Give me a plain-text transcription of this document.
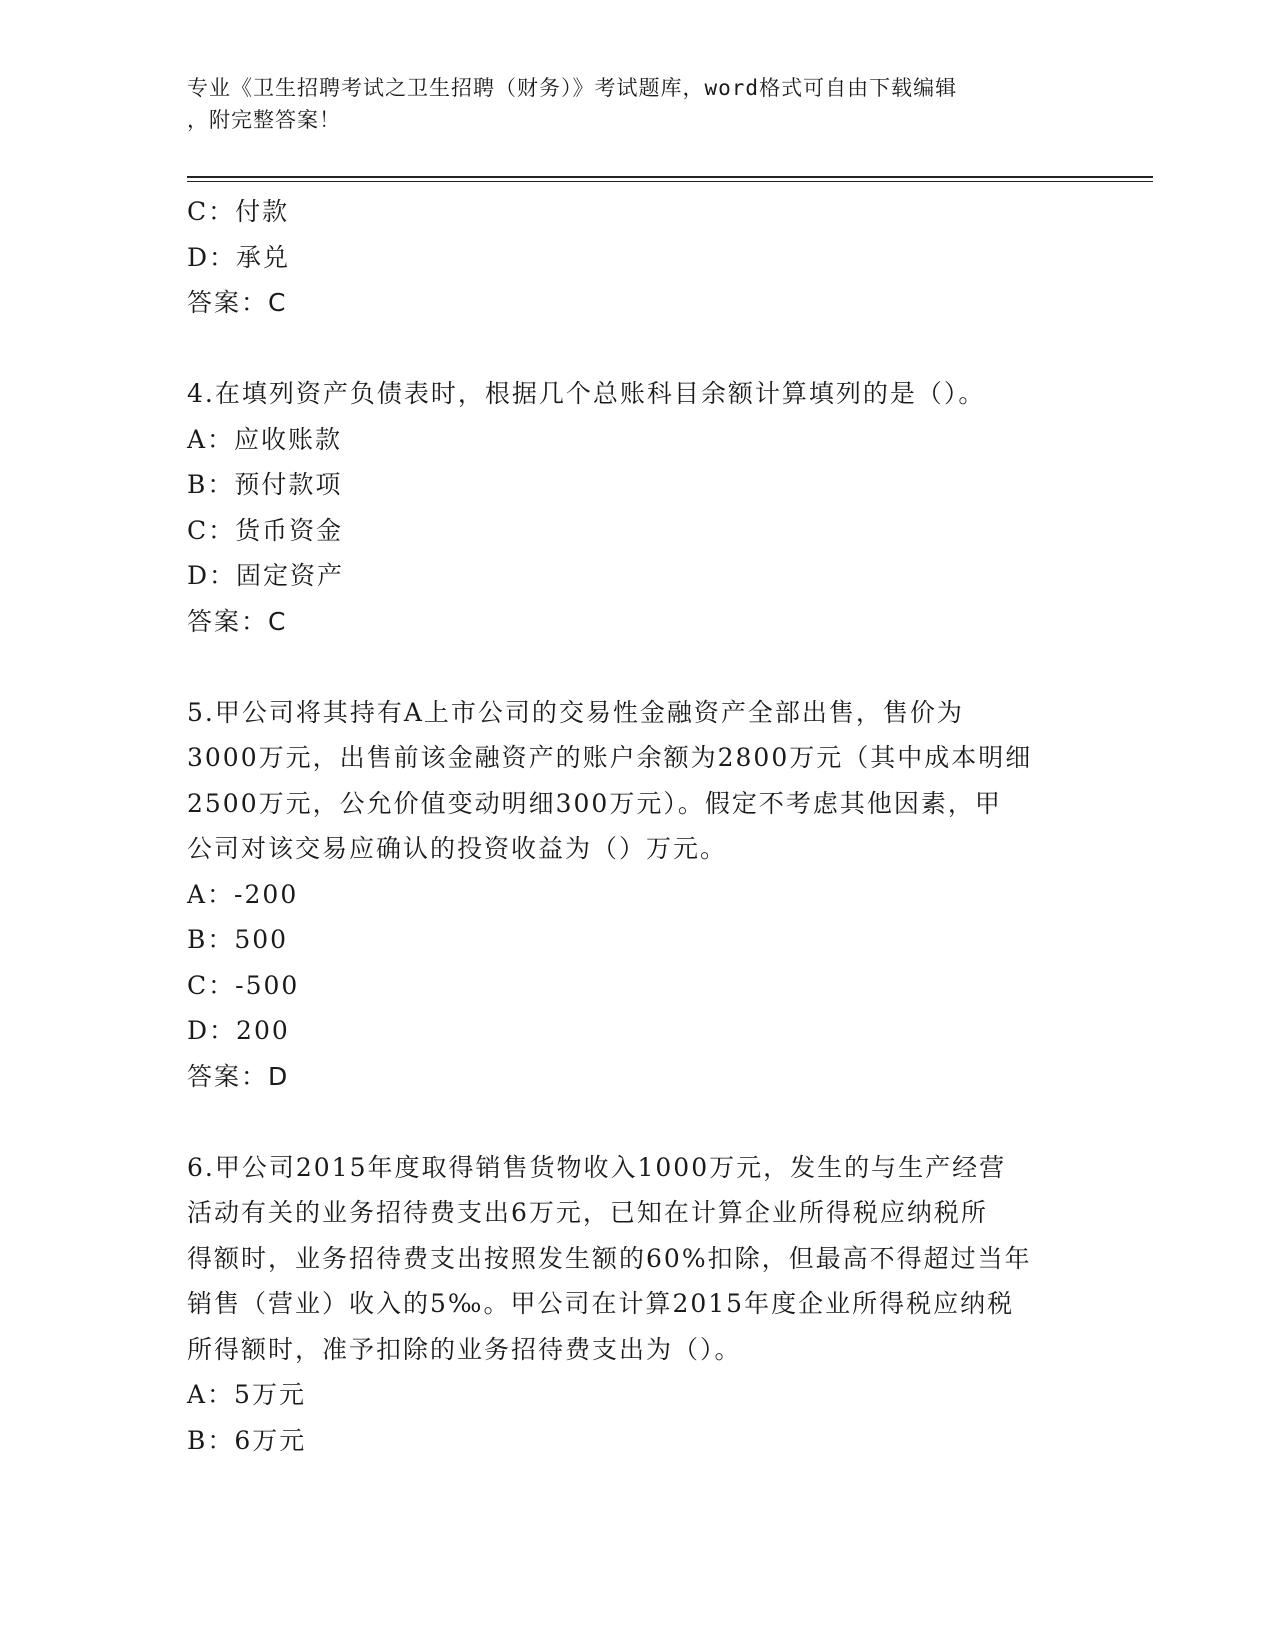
专业《卫生招聘考试之卫生招聘（财务）》考试题库，word格式可自由下载编辑
，附完整答案！
C：付款
D：承兑
答案：C
4.在填列资产负债表时，根据几个总账科目余额计算填列的是（）。
A：应收账款
B：预付款项
C：货币资金
D：固定资产
答案：C
5.甲公司将其持有A上市公司的交易性金融资产全部出售，售价为
3000万元，出售前该金融资产的账户余额为2800万元（其中成本明细
2500万元，公允价值变动明细300万元）。假定不考虑其他因素，甲
公司对该交易应确认的投资收益为（）万元。
A：-200
B：500
C：-500
D：200
答案：D
6.甲公司2015年度取得销售货物收入1000万元，发生的与生产经营
活动有关的业务招待费支出6万元，已知在计算企业所得税应纳税所
得额时，业务招待费支出按照发生额的60%扣除，但最高不得超过当年
销售（营业）收入的5‰。甲公司在计算2015年度企业所得税应纳税
所得额时，准予扣除的业务招待费支出为（）。
A：5万元
B：6万元
